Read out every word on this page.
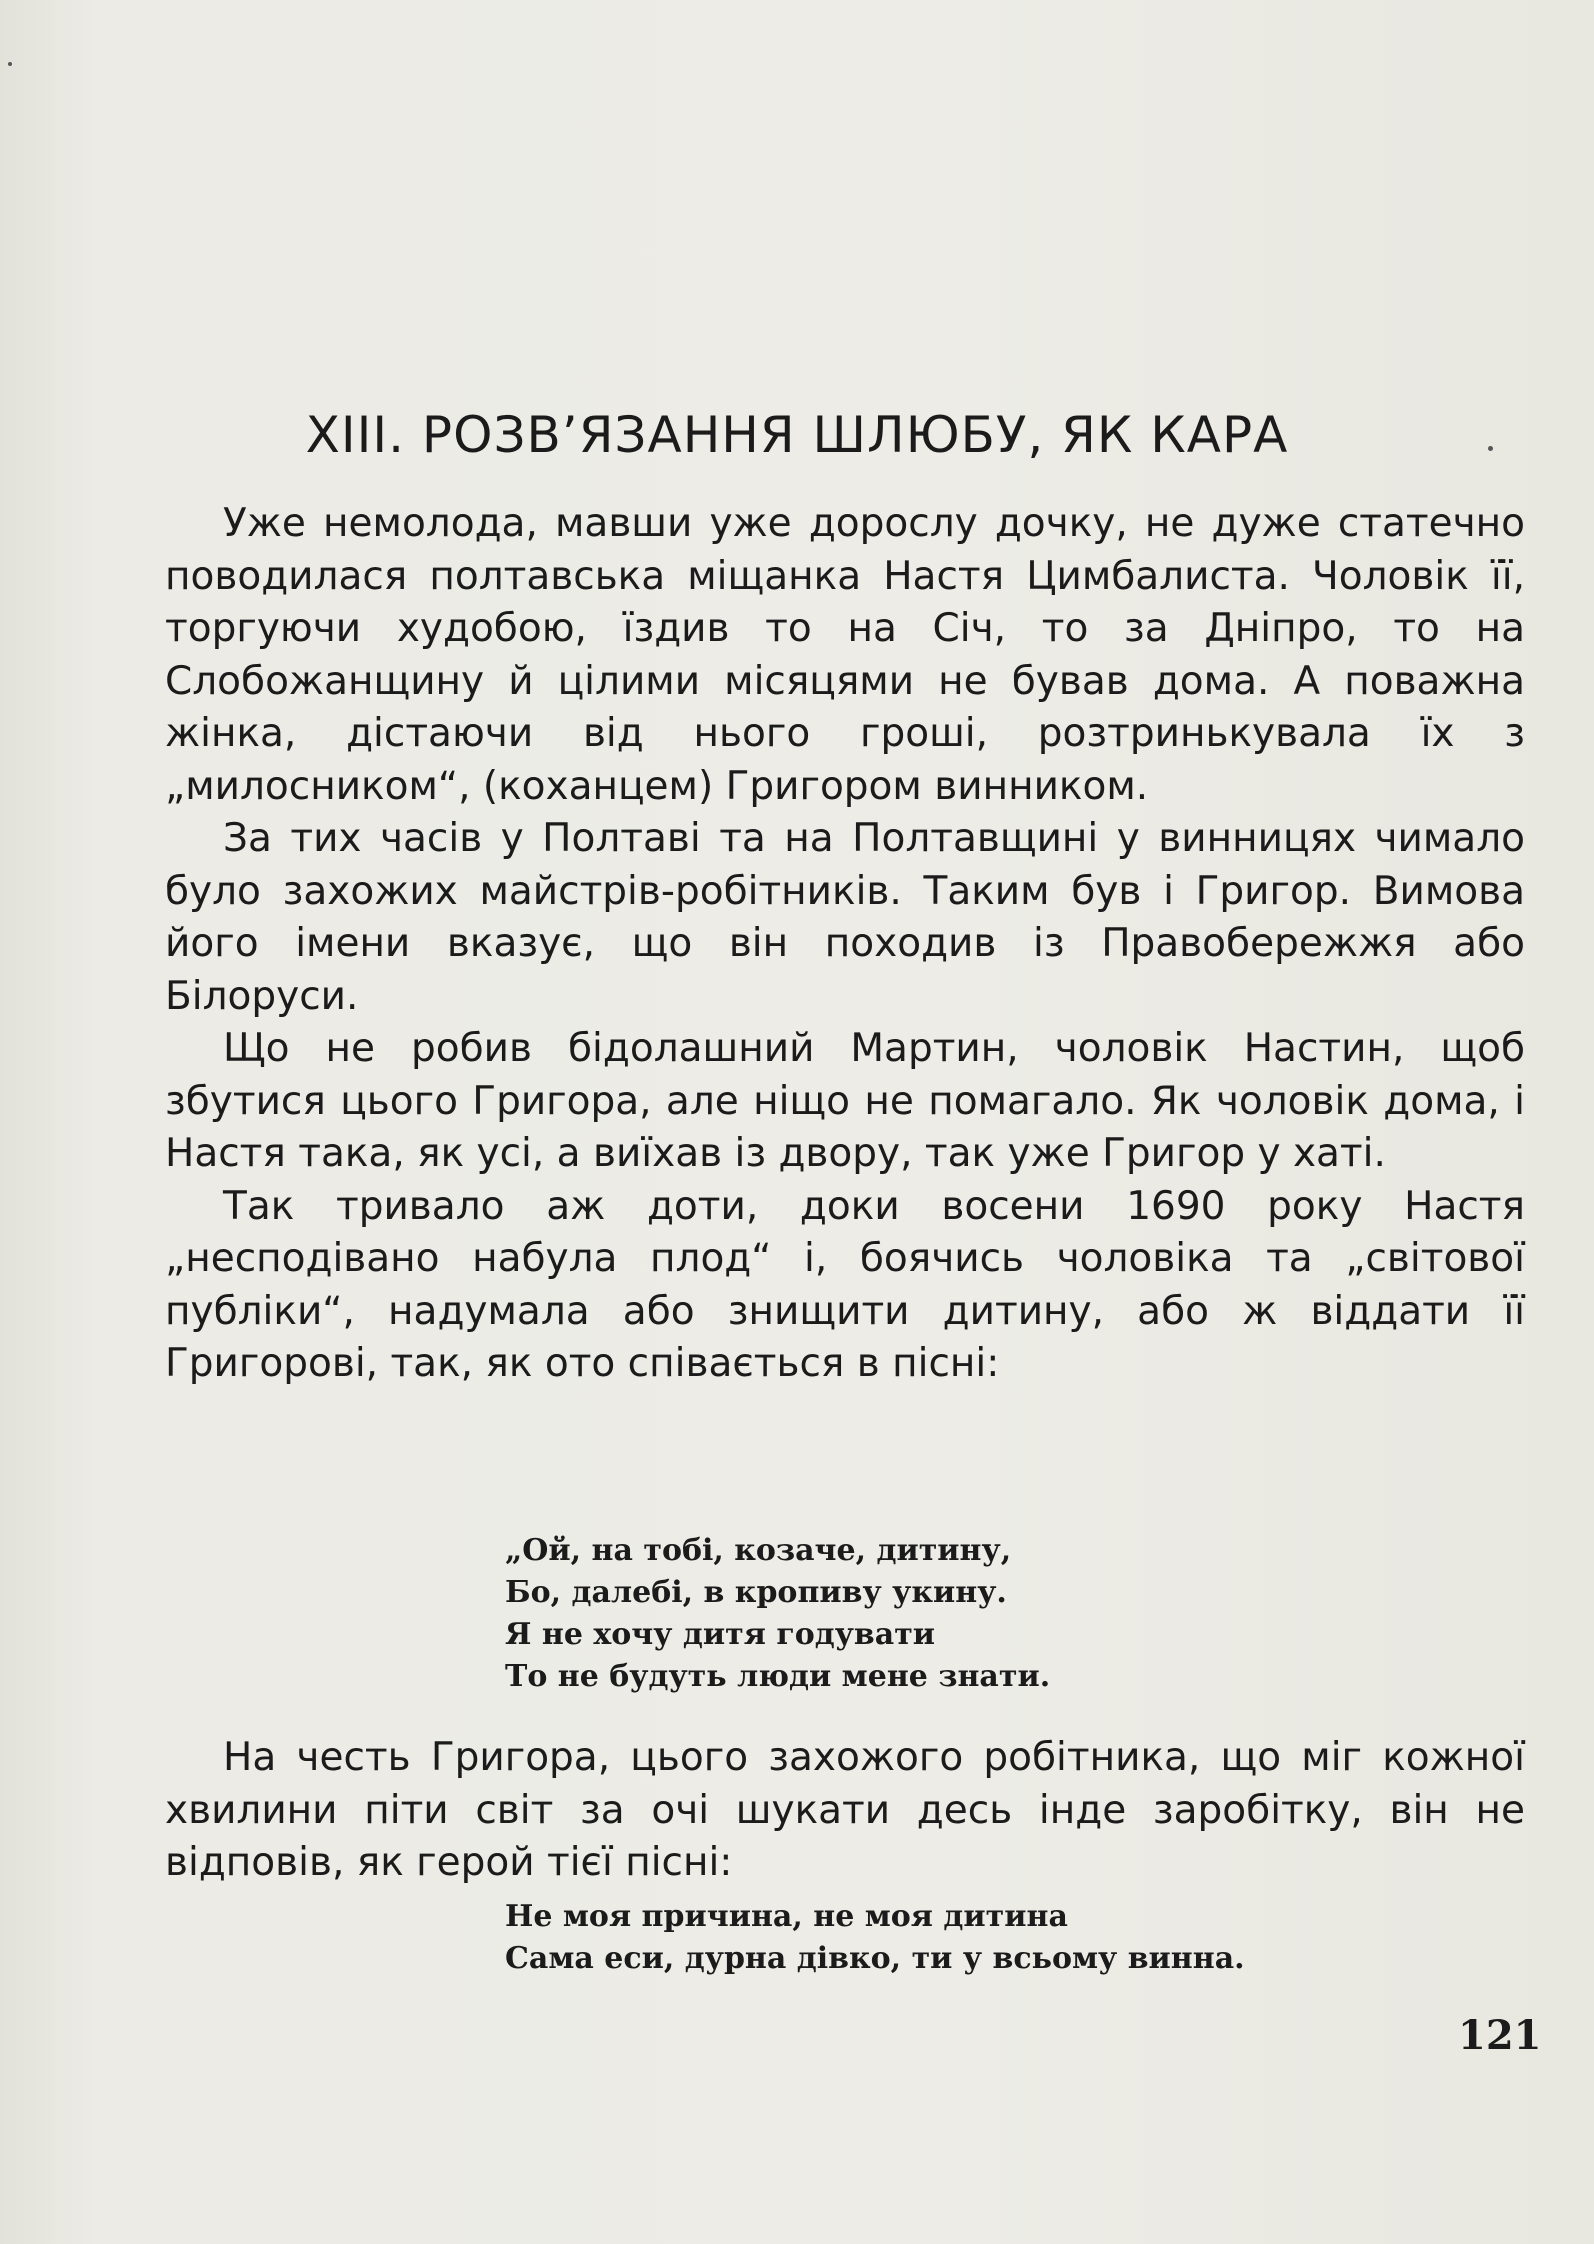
XIII. РОЗВ’ЯЗАННЯ ШЛЮБУ, ЯК КАРА

Уже немолода, мавши уже дорослу дочку, не дуже статечно поводилася полтавська міщанка Настя Цимбалиста. Чоловік її, торгуючи худобою, їздив то на Січ, то за Дніпро, то на Слобожанщину й цілими місяцями не бував дома. А поважна жінка, дістаючи від нього гроші, розтринькувала їх з „милосником“, (коханцем) Григором винником.

За тих часів у Полтаві та на Полтавщині у винницях чимало було захожих майстрів-робітників. Таким був і Григор. Вимова його імени вказує, що він походив із Правобережжя або Білоруси.

Що не робив бідолашний Мартин, чоловік Настин, щоб збутися цього Григора, але ніщо не помагало. Як чоловік дома, і Настя така, як усі, а виїхав із двору, так уже Григор у хаті.

Так тривало аж доти, доки восени 1690 року Настя „несподівано набула плод“ і, боячись чоловіка та „світової публіки“, надумала або знищити дитину, або ж віддати її Григорові, так, як ото співається в пісні:

„Ой, на тобі, козаче, дитину,
Бо, далебі, в кропиву укину.
Я не хочу дитя годувати
То не будуть люди мене знати.

На честь Григора, цього захожого робітника, що міг кожної хвилини піти світ за очі шукати десь інде заробітку, він не відповів, як герой тієї пісні:

Не моя причина, не моя дитина
Сама еси, дурна дівко, ти у всьому винна.
121
